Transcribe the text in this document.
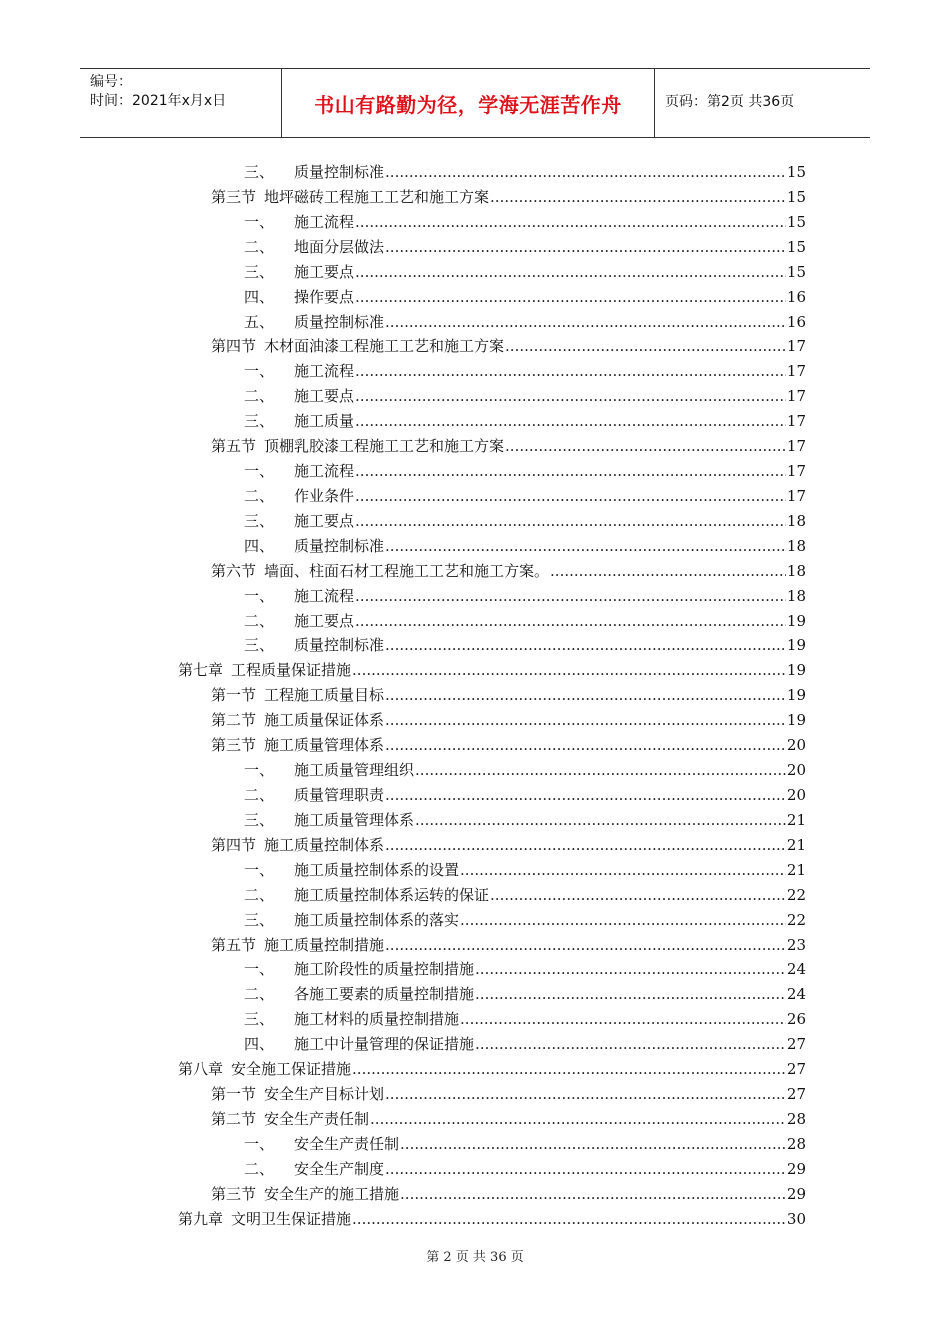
编号：
时间：2021年x月x日	书山有路勤为径，学海无涯苦作舟	页码：第2页 共36页
三、 质量控制标准 .....	15
第三节 地坪磁砖工程施工工艺和施工方案 .....	15
一、 施工流程 .....	15
二、 地面分层做法 .....	15
三、 施工要点 .....	15
四、 操作要点 .....	16
五、 质量控制标准 .....	16
第四节 木材面油漆工程施工工艺和施工方案 .....	17
一、 施工流程 .....	17
二、 施工要点 .....	17
三、 施工质量 .....	17
第五节 顶棚乳胶漆工程施工工艺和施工方案 .....	17
一、 施工流程 .....	17
二、 作业条件 .....	17
三、 施工要点 .....	18
四、 质量控制标准 .....	18
第六节 墙面、柱面石材工程施工工艺和施工方案。 .....	18
一、 施工流程 .....	18
二、 施工要点 .....	19
三、 质量控制标准 .....	19
第七章 工程质量保证措施 .....	19
第一节 工程施工质量目标 .....	19
第二节 施工质量保证体系 .....	19
第三节 施工质量管理体系 .....	20
一、 施工质量管理组织 .....	20
二、 质量管理职责 .....	20
三、 施工质量管理体系 .....	21
第四节 施工质量控制体系 .....	21
一、 施工质量控制体系的设置 .....	21
二、 施工质量控制体系运转的保证 .....	22
三、 施工质量控制体系的落实 .....	22
第五节 施工质量控制措施 .....	23
一、 施工阶段性的质量控制措施 .....	24
二、 各施工要素的质量控制措施 .....	24
三、 施工材料的质量控制措施 .....	26
四、 施工中计量管理的保证措施 .....	27
第八章 安全施工保证措施 .....	27
第一节 安全生产目标计划 .....	27
第二节 安全生产责任制 .....	28
一、 安全生产责任制 .....	28
二、 安全生产制度 .....	29
第三节 安全生产的施工措施 .....	29
第九章 文明卫生保证措施 .....	30
第 2 页 共 36 页
